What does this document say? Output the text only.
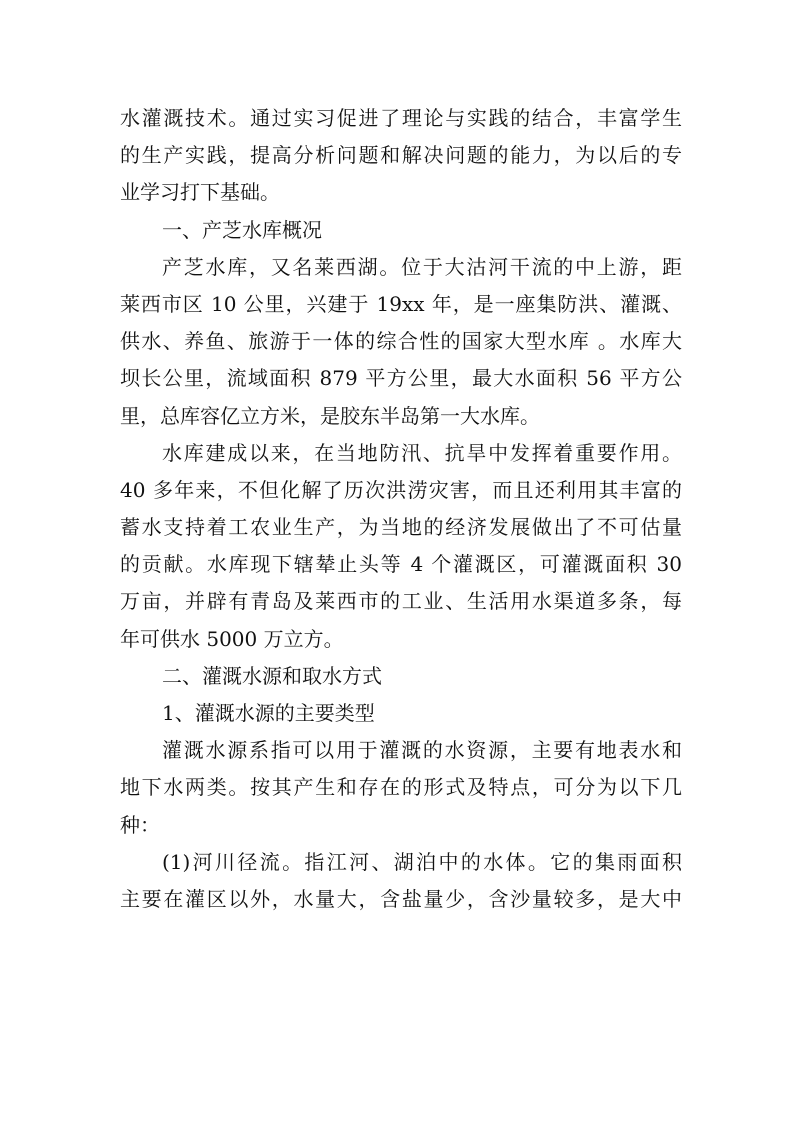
水灌溉技术。通过实习促进了理论与实践的结合，丰富学生
的生产实践，提高分析问题和解决问题的能力，为以后的专
业学习打下基础。
一、产芝水库概况
产芝水库，又名莱西湖。位于大沽河干流的中上游，距
莱西市区 10 公里，兴建于 19xx 年，是一座集防洪、灌溉、
供水、养鱼、旅游于一体的综合性的国家大型水库 。水库大
坝长公里，流域面积 879 平方公里，最大水面积 56 平方公
里，总库容亿立方米，是胶东半岛第一大水库。
水库建成以来，在当地防汛、抗旱中发挥着重要作用。
40 多年来，不但化解了历次洪涝灾害，而且还利用其丰富的
蓄水支持着工农业生产，为当地的经济发展做出了不可估量
的贡献。水库现下辖辇止头等 4 个灌溉区，可灌溉面积 30
万亩，并辟有青岛及莱西市的工业、生活用水渠道多条，每
年可供水 5000 万立方。
二、灌溉水源和取水方式
1、灌溉水源的主要类型
灌溉水源系指可以用于灌溉的水资源，主要有地表水和
地下水两类。按其产生和存在的形式及特点，可分为以下几
种：
(1)河川径流。指江河、湖泊中的水体。它的集雨面积
主要在灌区以外，水量大，含盐量少，含沙量较多，是大中
